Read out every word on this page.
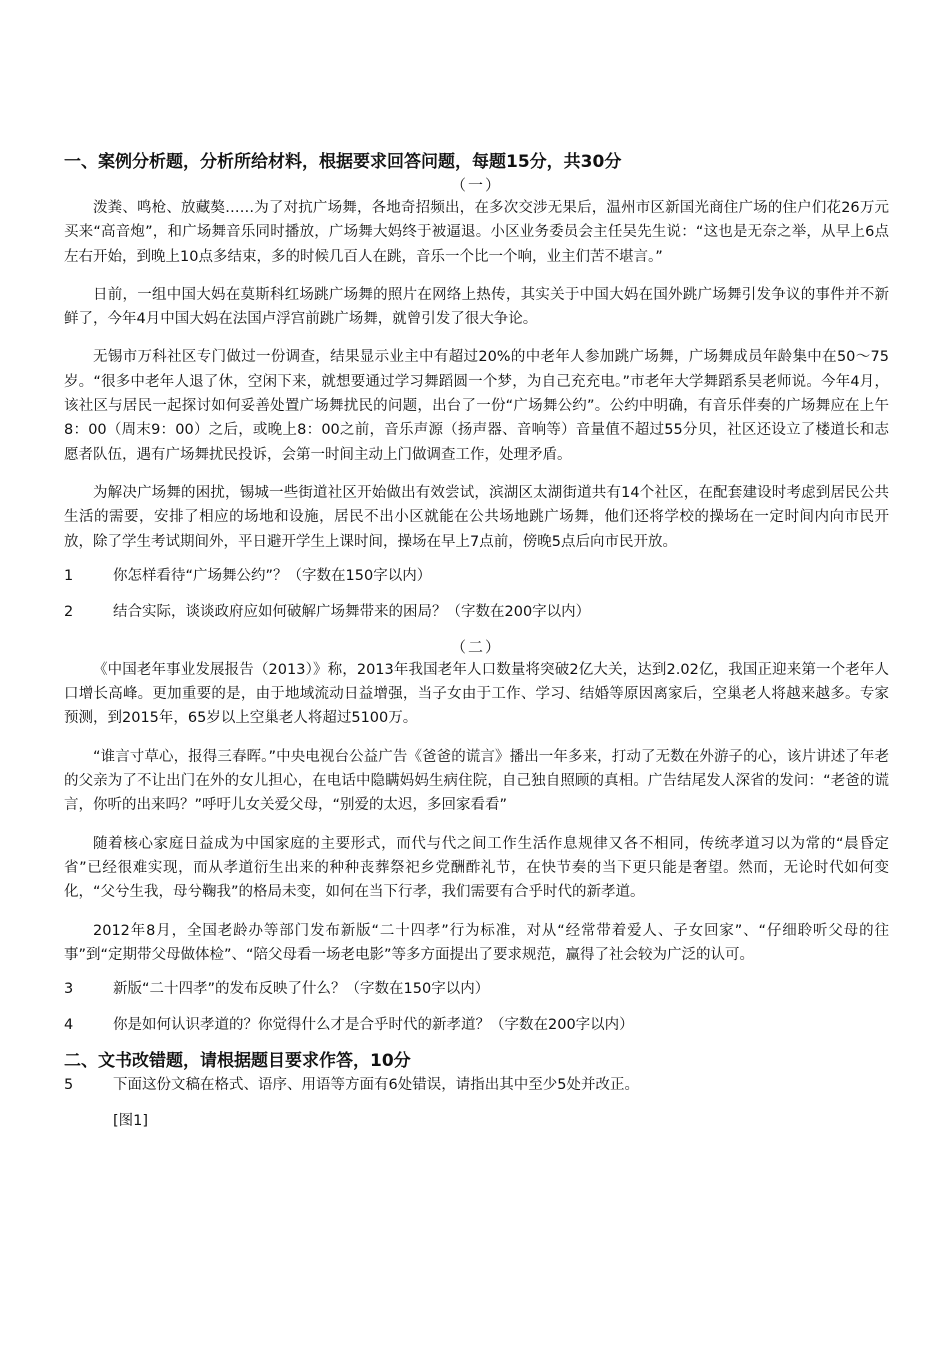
一、案例分析题，分析所给材料，根据要求回答问题，每题15分，共30分

（一）

泼粪、鸣枪、放藏獒……为了对抗广场舞，各地奇招频出，在多次交涉无果后，温州市区新国光商住广场的住户们花26万元买来“高音炮”，和广场舞音乐同时播放，广场舞大妈终于被逼退。小区业务委员会主任吴先生说：“这也是无奈之举，从早上6点左右开始，到晚上10点多结束，多的时候几百人在跳，音乐一个比一个响，业主们苦不堪言。”

日前，一组中国大妈在莫斯科红场跳广场舞的照片在网络上热传，其实关于中国大妈在国外跳广场舞引发争议的事件并不新鲜了，今年4月中国大妈在法国卢浮宫前跳广场舞，就曾引发了很大争论。

无锡市万科社区专门做过一份调查，结果显示业主中有超过20%的中老年人参加跳广场舞，广场舞成员年龄集中在50～75岁。“很多中老年人退了休，空闲下来，就想要通过学习舞蹈圆一个梦，为自己充充电。”市老年大学舞蹈系吴老师说。今年4月，该社区与居民一起探讨如何妥善处置广场舞扰民的问题，出台了一份“广场舞公约”。公约中明确，有音乐伴奏的广场舞应在上午8：00（周末9：00）之后，或晚上8：00之前，音乐声源（扬声器、音响等）音量值不超过55分贝，社区还设立了楼道长和志愿者队伍，遇有广场舞扰民投诉，会第一时间主动上门做调查工作，处理矛盾。

为解决广场舞的困扰，锡城一些街道社区开始做出有效尝试，滨湖区太湖街道共有14个社区，在配套建设时考虑到居民公共生活的需要，安排了相应的场地和设施，居民不出小区就能在公共场地跳广场舞，他们还将学校的操场在一定时间内向市民开放，除了学生考试期间外，平日避开学生上课时间，操场在早上7点前，傍晚5点后向市民开放。

1	你怎样看待“广场舞公约”？（字数在150字以内）
2	结合实际，谈谈政府应如何破解广场舞带来的困局？（字数在200字以内）

（二）

《中国老年事业发展报告（2013）》称，2013年我国老年人口数量将突破2亿大关，达到2.02亿，我国正迎来第一个老年人口增长高峰。更加重要的是，由于地域流动日益增强，当子女由于工作、学习、结婚等原因离家后，空巢老人将越来越多。专家预测，到2015年，65岁以上空巢老人将超过5100万。

“谁言寸草心，报得三春晖。”中央电视台公益广告《爸爸的谎言》播出一年多来，打动了无数在外游子的心，该片讲述了年老的父亲为了不让出门在外的女儿担心，在电话中隐瞒妈妈生病住院，自己独自照顾的真相。广告结尾发人深省的发问：“老爸的谎言，你听的出来吗？”呼吁儿女关爱父母，“别爱的太迟，多回家看看”

随着核心家庭日益成为中国家庭的主要形式，而代与代之间工作生活作息规律又各不相同，传统孝道习以为常的“晨昏定省”已经很难实现，而从孝道衍生出来的种种丧葬祭祀乡党酬酢礼节，在快节奏的当下更只能是奢望。然而，无论时代如何变化，“父兮生我，母兮鞠我”的格局未变，如何在当下行孝，我们需要有合乎时代的新孝道。

2012年8月，全国老龄办等部门发布新版“二十四孝”行为标准，对从“经常带着爱人、子女回家”、“仔细聆听父母的往事”到“定期带父母做体检”、“陪父母看一场老电影”等多方面提出了要求规范，赢得了社会较为广泛的认可。

3	新版“二十四孝”的发布反映了什么？（字数在150字以内）
4	你是如何认识孝道的？你觉得什么才是合乎时代的新孝道？（字数在200字以内）
二、文书改错题，请根据题目要求作答，10分
5	下面这份文稿在格式、语序、用语等方面有6处错误，请指出其中至少5处并改正。
[图1]
